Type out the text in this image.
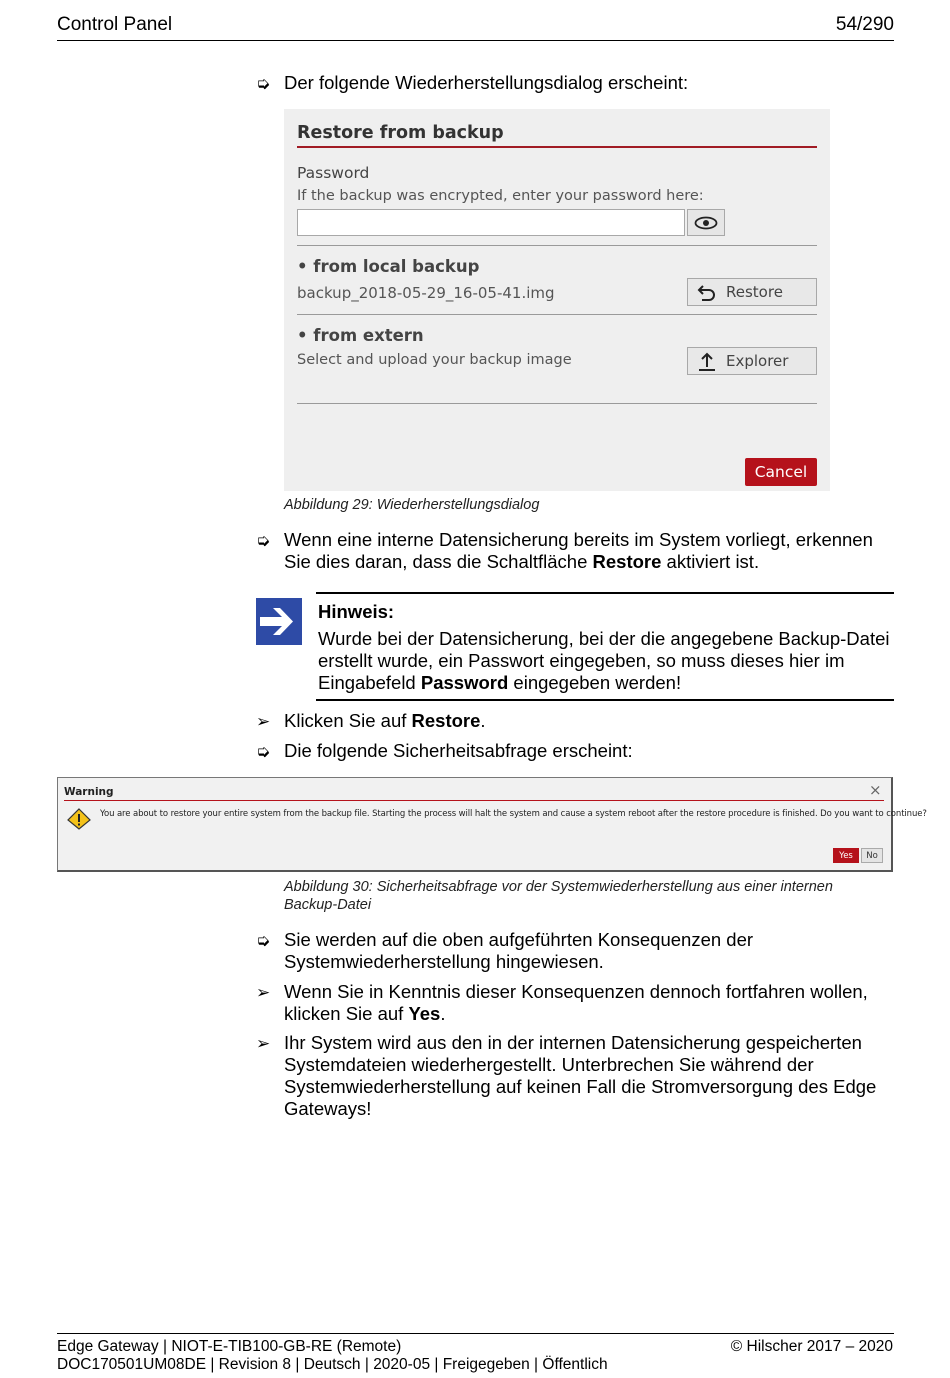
Control Panel	54/290
➭ Der folgende Wiederherstellungsdialog erscheint:
Restore from backup
Password
If the backup was encrypted, enter your password here:
• from local backup
backup_2018-05-29_16-05-41.img	Restore
• from extern
Select and upload your backup image	Explorer
Cancel
Abbildung 29: Wiederherstellungsdialog
➭ Wenn eine interne Datensicherung bereits im System vorliegt, erkennen Sie dies daran, dass die Schaltfläche Restore aktiviert ist.
Hinweis:
Wurde bei der Datensicherung, bei der die angegebene Backup-Datei erstellt wurde, ein Passwort eingegeben, so muss dieses hier im Eingabefeld Password eingegeben werden!
➢ Klicken Sie auf Restore.
➭ Die folgende Sicherheitsabfrage erscheint:
Warning	×
You are about to restore your entire system from the backup file. Starting the process will halt the system and cause a system reboot after the restore procedure is finished. Do you want to continue?
Yes	No
Abbildung 30: Sicherheitsabfrage vor der Systemwiederherstellung aus einer internen Backup-Datei
➭ Sie werden auf die oben aufgeführten Konsequenzen der Systemwiederherstellung hingewiesen.
➢ Wenn Sie in Kenntnis dieser Konsequenzen dennoch fortfahren wollen, klicken Sie auf Yes.
➢ Ihr System wird aus den in der internen Datensicherung gespeicherten Systemdateien wiederhergestellt. Unterbrechen Sie während der Systemwiederherstellung auf keinen Fall die Stromversorgung des Edge Gateways!
Edge Gateway | NIOT-E-TIB100-GB-RE (Remote)	© Hilscher 2017 – 2020
DOC170501UM08DE | Revision 8 | Deutsch | 2020-05 | Freigegeben | Öffentlich
